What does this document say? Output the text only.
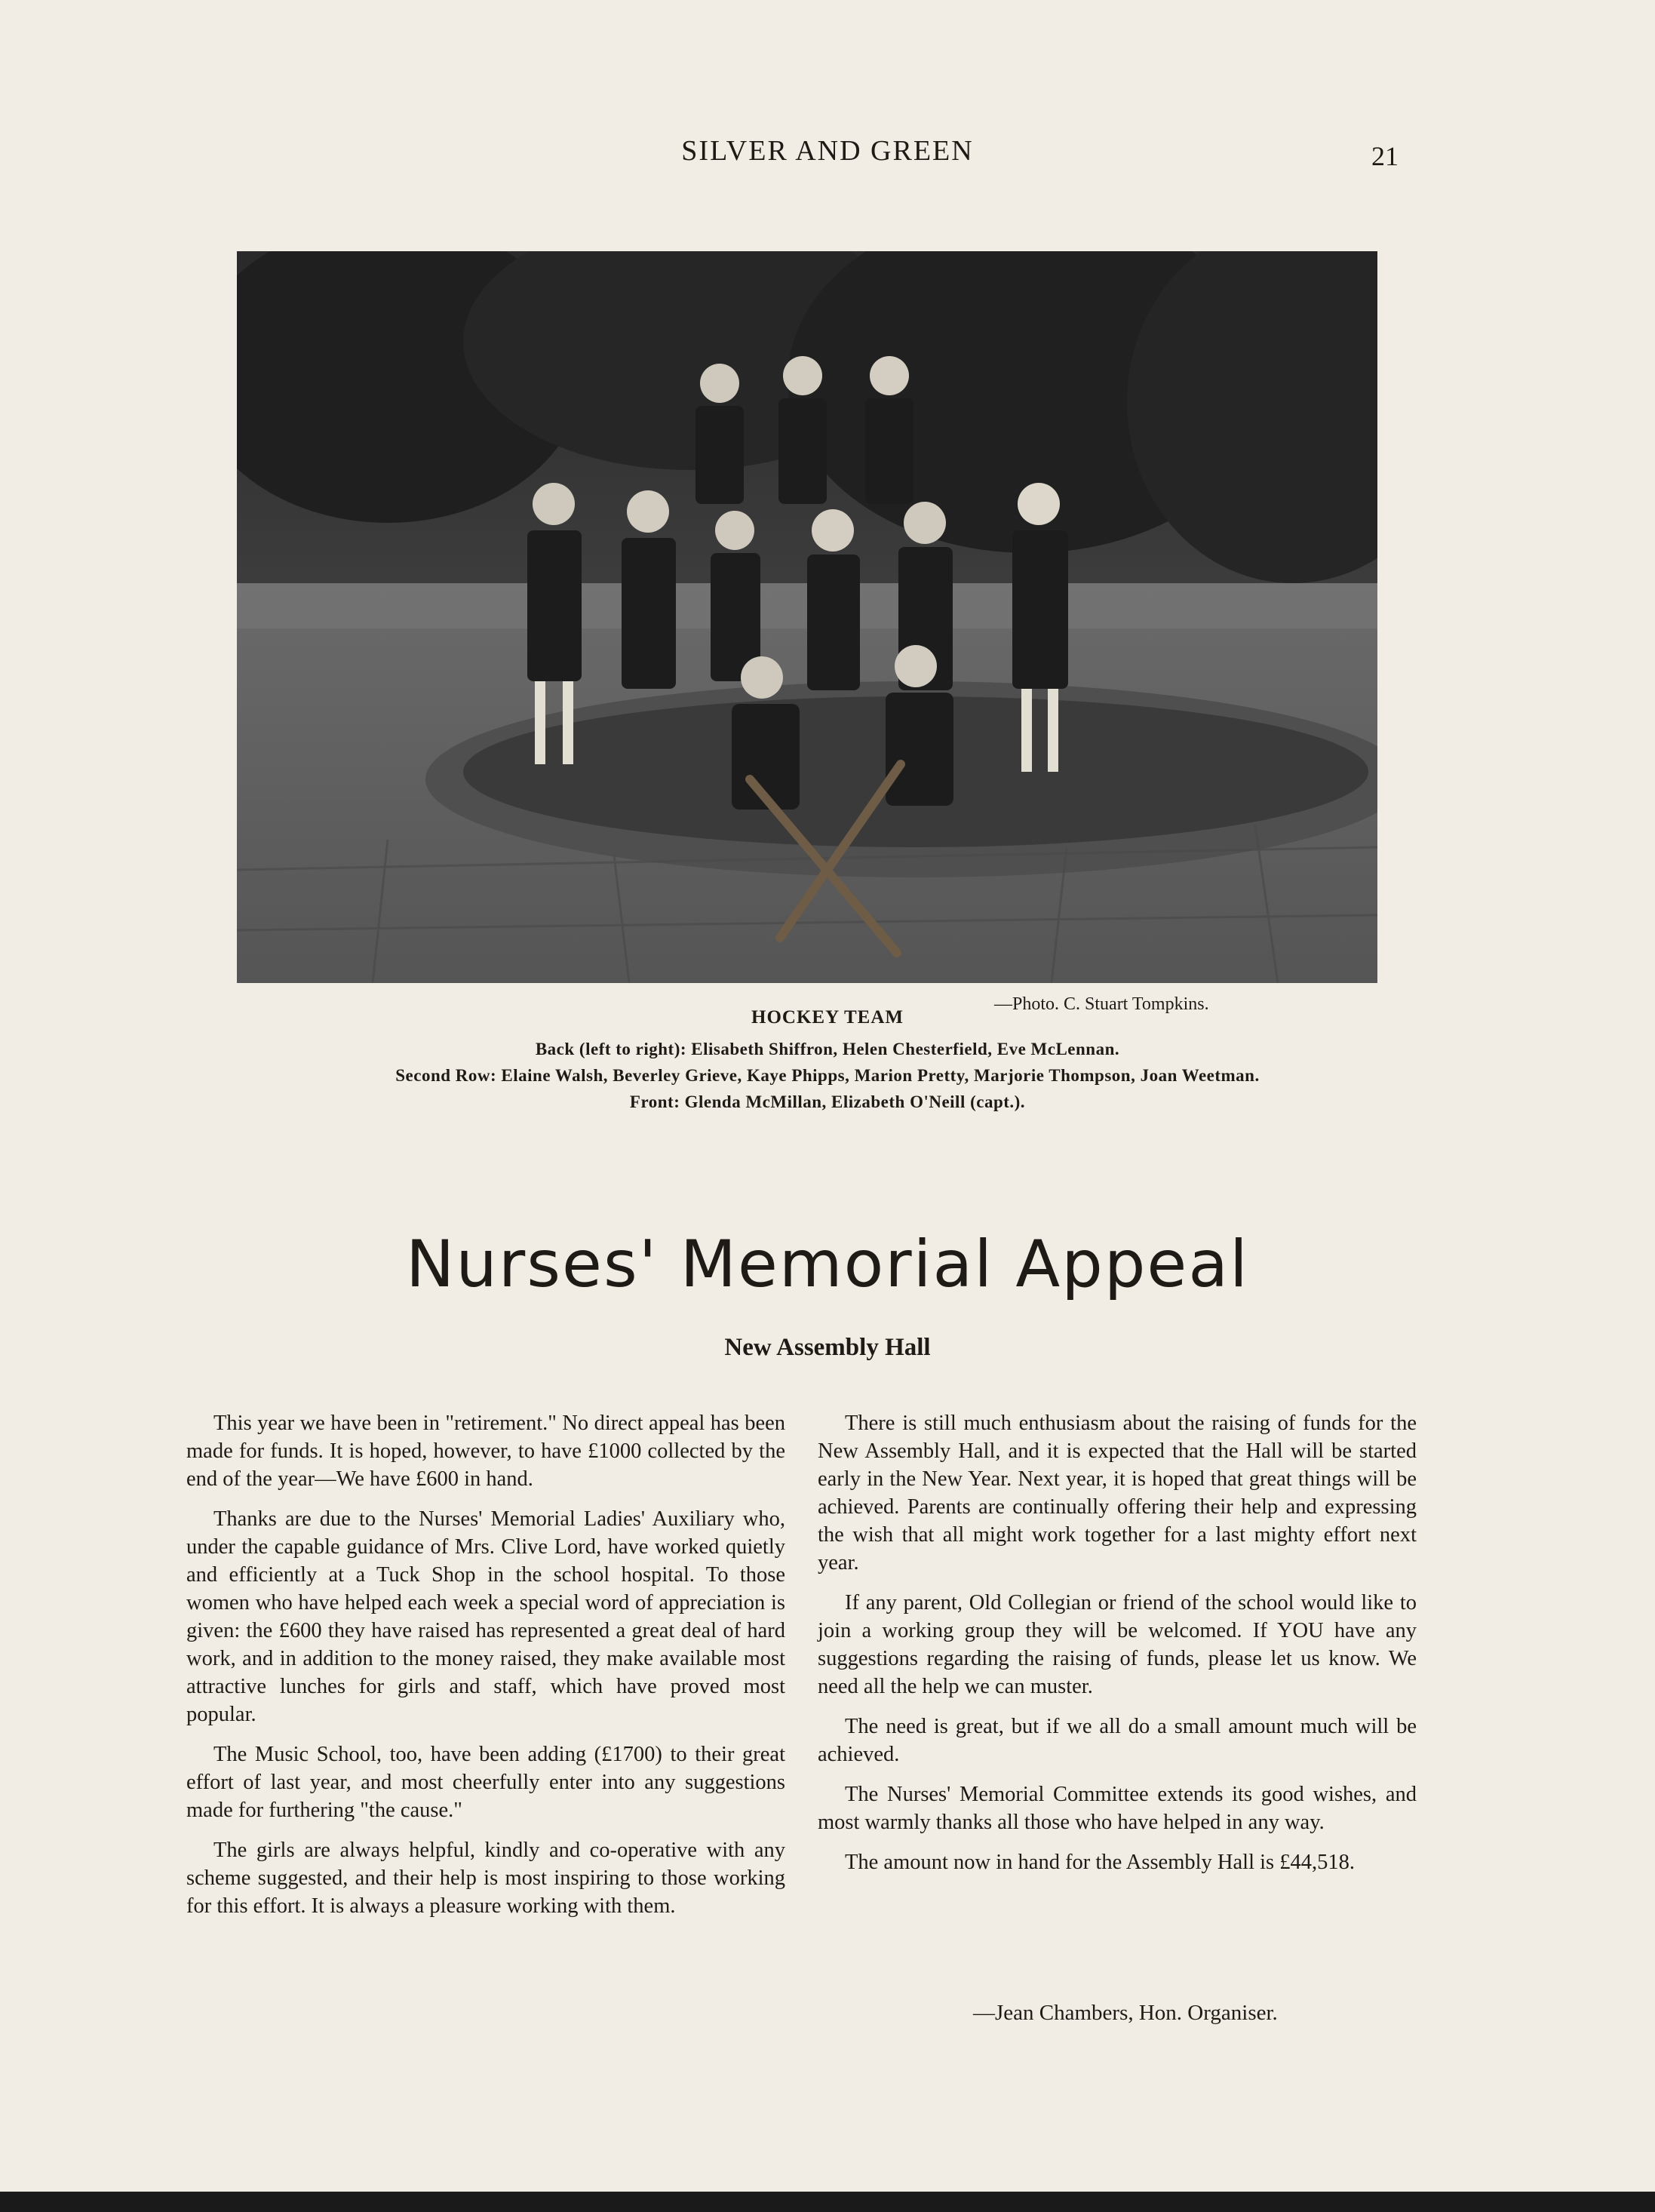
SILVER AND GREEN	21
—Photo. C. Stuart Tompkins.
HOCKEY TEAM
Back (left to right): Elisabeth Shiffron, Helen Chesterfield, Eve McLennan.
Second Row: Elaine Walsh, Beverley Grieve, Kaye Phipps, Marion Pretty, Marjorie Thompson, Joan Weetman.
Front: Glenda McMillan, Elizabeth O'Neill (capt.).
Nurses' Memorial Appeal
New Assembly Hall

This year we have been in "retirement." No direct appeal has been made for funds. It is hoped, however, to have £1000 collected by the end of the year—We have £600 in hand.

Thanks are due to the Nurses' Memorial Ladies' Auxiliary who, under the capable guidance of Mrs. Clive Lord, have worked quietly and efficiently at a Tuck Shop in the school hospital. To those women who have helped each week a special word of appreciation is given: the £600 they have raised has represented a great deal of hard work, and in addition to the money raised, they make available most attractive lunches for girls and staff, which have proved most popular.

The Music School, too, have been adding (£1700) to their great effort of last year, and most cheerfully enter into any suggestions made for furthering "the cause."

The girls are always helpful, kindly and co-operative with any scheme suggested, and their help is most inspiring to those working for this effort. It is always a pleasure working with them.

There is still much enthusiasm about the raising of funds for the New Assembly Hall, and it is expected that the Hall will be started early in the New Year. Next year, it is hoped that great things will be achieved. Parents are continually offering their help and expressing the wish that all might work together for a last mighty effort next year.

If any parent, Old Collegian or friend of the school would like to join a working group they will be welcomed. If YOU have any suggestions regarding the raising of funds, please let us know. We need all the help we can muster.

The need is great, but if we all do a small amount much will be achieved.

The Nurses' Memorial Committee extends its good wishes, and most warmly thanks all those who have helped in any way.

The amount now in hand for the Assembly Hall is £44,518.

—Jean Chambers, Hon. Organiser.
